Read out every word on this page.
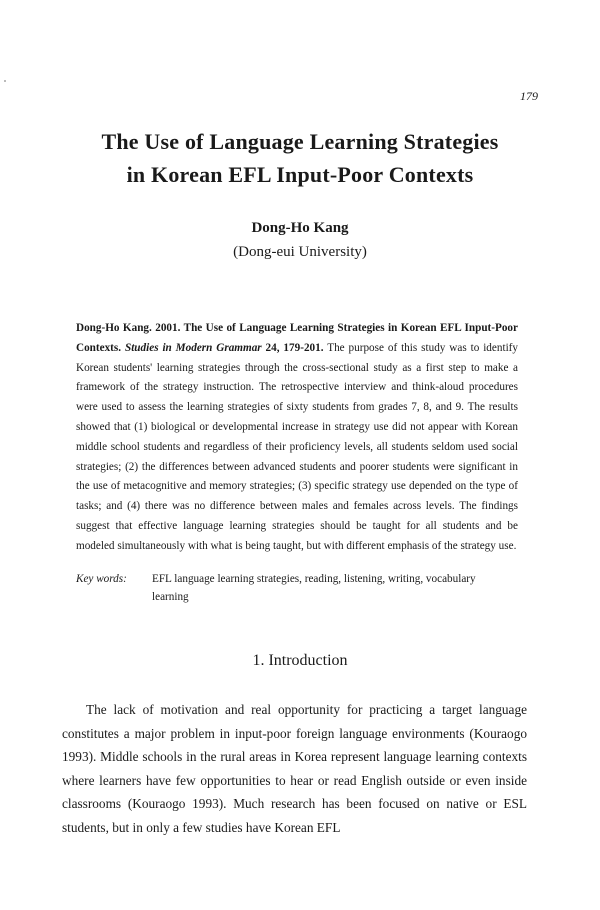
179
The Use of Language Learning Strategies
in Korean EFL Input-Poor Contexts
Dong-Ho Kang
(Dong-eui University)
Dong-Ho Kang. 2001. The Use of Language Learning Strategies in Korean EFL Input-Poor Contexts. Studies in Modern Grammar 24, 179-201. The purpose of this study was to identify Korean students' learning strategies through the cross-sectional study as a first step to make a framework of the strategy instruction. The retrospective interview and think-aloud procedures were used to assess the learning strategies of sixty students from grades 7, 8, and 9. The results showed that (1) biological or developmental increase in strategy use did not appear with Korean middle school students and regardless of their proficiency levels, all students seldom used social strategies; (2) the differences between advanced students and poorer students were significant in the use of metacognitive and memory strategies; (3) specific strategy use depended on the type of tasks; and (4) there was no difference between males and females across levels. The findings suggest that effective language learning strategies should be taught for all students and be modeled simultaneously with what is being taught, but with different emphasis of the strategy use.
Key words: EFL language learning strategies, reading, listening, writing, vocabulary learning
1. Introduction
The lack of motivation and real opportunity for practicing a target language constitutes a major problem in input-poor foreign language environments (Kouraogo 1993). Middle schools in the rural areas in Korea represent language learning contexts where learners have few opportunities to hear or read English outside or even inside classrooms (Kouraogo 1993). Much research has been focused on native or ESL students, but in only a few studies have Korean EFL
